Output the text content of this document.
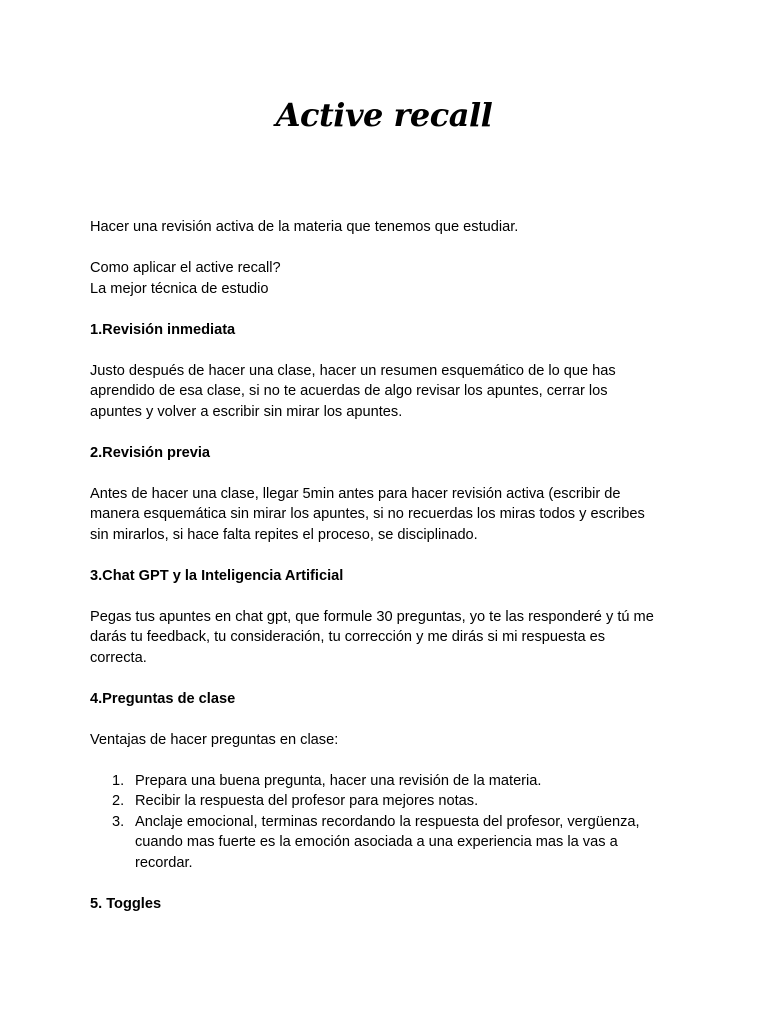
Active recall

Hacer una revisión activa de la materia que tenemos que estudiar.

Como aplicar el active recall?

La mejor técnica de estudio

1.Revisión inmediata

Justo después de hacer una clase, hacer un resumen esquemático de lo que has

aprendido de esa clase, si no te acuerdas de algo revisar los apuntes, cerrar los

apuntes y volver a escribir sin mirar los apuntes.

2.Revisión previa

Antes de hacer una clase, llegar 5min antes para hacer revisión activa (escribir de

manera esquemática sin mirar los apuntes, si no recuerdas los miras todos y escribes

sin mirarlos, si hace falta repites el proceso, se disciplinado.

3.Chat GPT y la Inteligencia Artificial

Pegas tus apuntes en chat gpt, que formule 30 preguntas, yo te las responderé y tú me

darás tu feedback, tu consideración, tu corrección y me dirás si mi respuesta es

correcta.

4.Preguntas de clase

Ventajas de hacer preguntas en clase:

1. Prepara una buena pregunta, hacer una revisión de la materia.
2. Recibir la respuesta del profesor para mejores notas.
3. Anclaje emocional, terminas recordando la respuesta del profesor, vergüenza,
cuando mas fuerte es la emoción asociada a una experiencia mas la vas a
recordar.

5. Toggles
